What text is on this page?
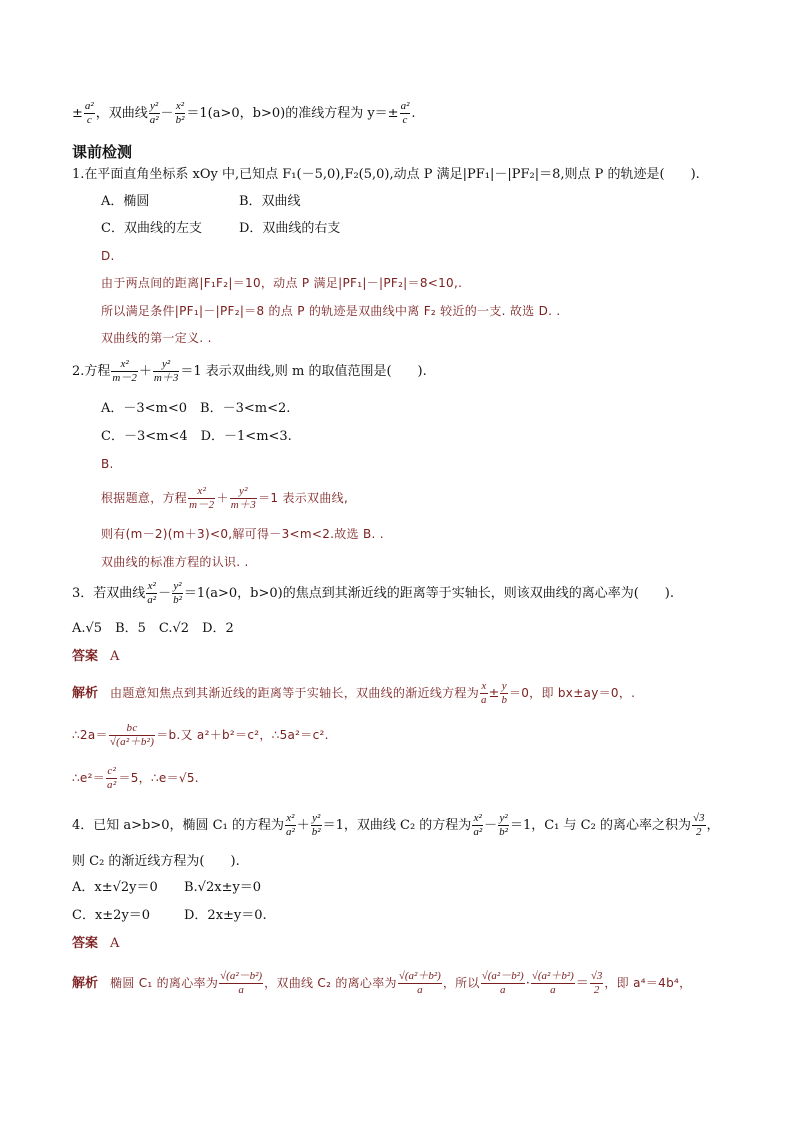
± $\frac{\text{a²}}{c}$ ，双曲线 $\frac{\text{y²}}{\text{a²}} - \frac{\text{x²}}{\text{b²}} =1(a>0$，b>0)的准线方程为 $y=\pm \frac{\text{a²}}{c}$ .
课前检测
1.在平面直角坐标系 xOy 中,已知点 F₁(－5,0),F₂(5,0),动点 P 满足|PF₁|－|PF₂|＝8,则点 P 的轨迹是(　　).
A．椭圆	B．双曲线
C．双曲线的左支	D．双曲线的右支
D.
由于两点间的距离|F₁F₂|＝10，动点 P 满足|PF₁|－|PF₂|＝8<10,.
所以满足条件|PF₁|－|PF₂|＝8 的点 P 的轨迹是双曲线中离 F₂ 较近的一支. 故选 D. .
双曲线的第一定义. .
2.方程 $\frac{\text{x²}}{m-2} + \frac{\text{y²}}{m+3} =1$ 表示双曲线,则 m 的取值范围是(　　).
A．－3<m<0　B．－3<m<2.
C．－3<m<4　D．－1<m<3.
B.
根据题意，方程 $\frac{\text{x²}}{m-2} + \frac{\text{y²}}{m+3} =1$ 表示双曲线,
则有(m－2)(m＋3)<0,解可得－3<m<2.故选 B. .
双曲线的标准方程的认识. .
3．若双曲线 $\frac{\text{x²}}{\text{a²}} - \frac{\text{y²}}{\text{b²}} =1(a>0$，b>0)的焦点到其渐近线的距离等于实轴长，则该双曲线的离心率为(　　).
A.√5　B．5　C.√2　D．2
答案 A
解析 由题意知焦点到其渐近线的距离等于实轴长，双曲线的渐近线方程为 $\frac{x}{a} \pm \frac{y}{b} =0$，即 bx±ay＝0，.
∴2a＝ $\frac{bc}{\text{√(a²＋b²)}} =b$.又 a²＋b²＝c²，∴5a²＝c².
∴e²＝ $\frac{\text{c²}}{\text{a²}} =5$，∴e＝√5.
4．已知 a>b>0，椭圆 C₁ 的方程为 $\frac{\text{x²}}{\text{a²}} + \frac{\text{y²}}{\text{b²}} =1$，双曲线 C₂ 的方程为 $\frac{\text{x²}}{\text{a²}} - \frac{\text{y²}}{\text{b²}} =1$，C₁ 与 C₂ 的离心率之积为 $\frac{√3}{2}$ ，
则 C₂ 的渐近线方程为(　　).
A．x±√2y＝0 B.√2x±y＝0
C．x±2y＝0	D．2x±y＝0.
答案 A
解析 椭圆 C₁ 的离心率为 $\frac{\text{√(a²－b²)}}{a}$ ，双曲线 C₂ 的离心率为 $\frac{\text{√(a²＋b²)}}{a}$ ，所以 $\frac{\text{√(a²－b²)}}{a} \cdot \frac{\text{√(a²＋b²)}}{a} = \frac{√3}{2}$ ，即 a⁴＝4b⁴，
